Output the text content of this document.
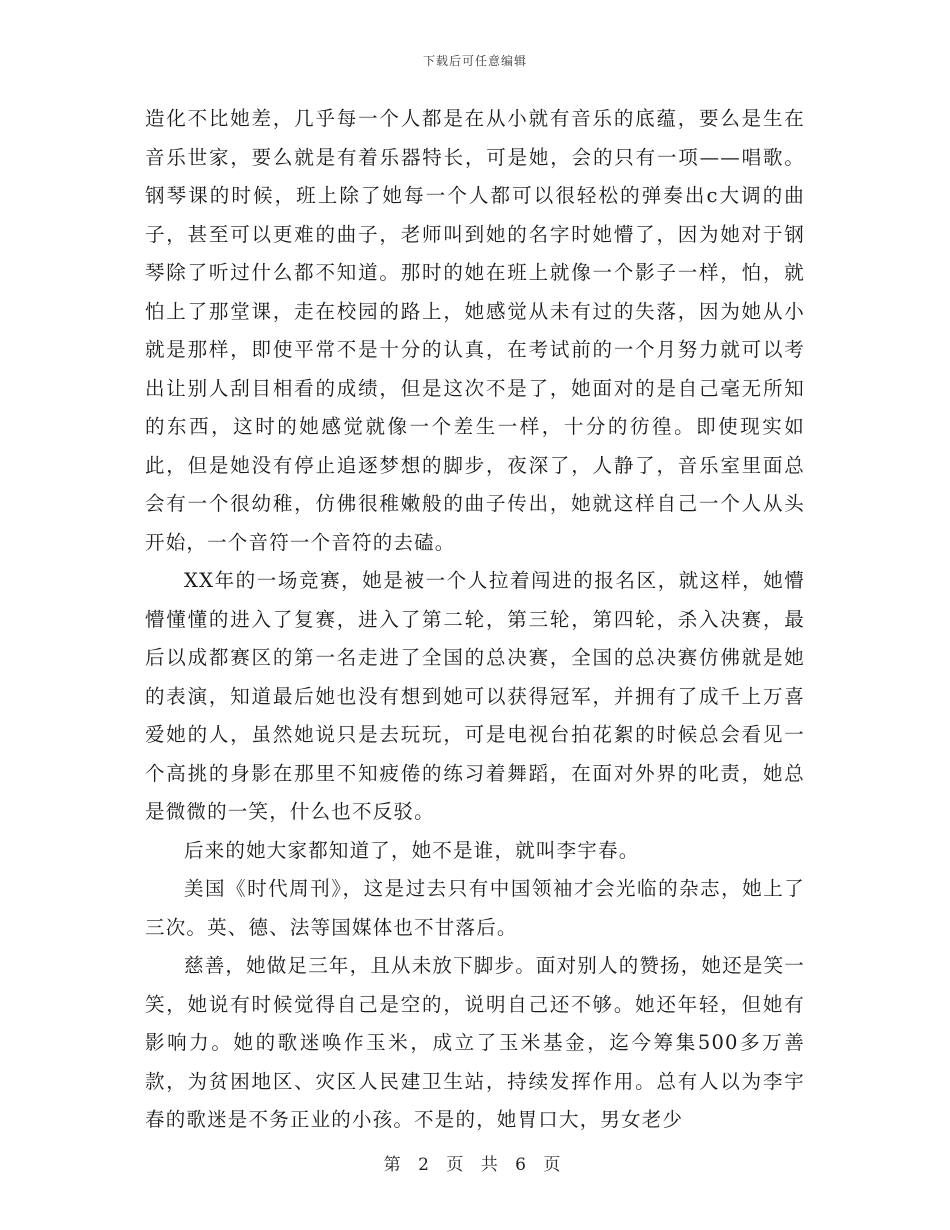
下载后可任意编辑

造化不比她差，几乎每一个人都是在从小就有音乐的底蕴，要么是生在音乐世家，要么就是有着乐器特长，可是她，会的只有一项——唱歌。钢琴课的时候，班上除了她每一个人都可以很轻松的弹奏出c大调的曲子，甚至可以更难的曲子，老师叫到她的名字时她懵了，因为她对于钢琴除了听过什么都不知道。那时的她在班上就像一个影子一样，怕，就怕上了那堂课，走在校园的路上，她感觉从未有过的失落，因为她从小就是那样，即使平常不是十分的认真，在考试前的一个月努力就可以考出让别人刮目相看的成绩，但是这次不是了，她面对的是自己毫无所知的东西，这时的她感觉就像一个差生一样，十分的彷徨。即使现实如此，但是她没有停止追逐梦想的脚步，夜深了，人静了，音乐室里面总会有一个很幼稚，仿佛很稚嫩般的曲子传出，她就这样自己一个人从头开始，一个音符一个音符的去磕。

XX年的一场竞赛，她是被一个人拉着闯进的报名区，就这样，她懵懵懂懂的进入了复赛，进入了第二轮，第三轮，第四轮，杀入决赛，最后以成都赛区的第一名走进了全国的总决赛，全国的总决赛仿佛就是她的表演，知道最后她也没有想到她可以获得冠军，并拥有了成千上万喜爱她的人，虽然她说只是去玩玩，可是电视台拍花絮的时候总会看见一个高挑的身影在那里不知疲倦的练习着舞蹈，在面对外界的叱责，她总是微微的一笑，什么也不反驳。

后来的她大家都知道了，她不是谁，就叫李宇春。

美国《时代周刊》，这是过去只有中国领袖才会光临的杂志，她上了三次。英、德、法等国媒体也不甘落后。

慈善，她做足三年，且从未放下脚步。面对别人的赞扬，她还是笑一笑，她说有时候觉得自己是空的，说明自己还不够。她还年轻，但她有影响力。她的歌迷唤作玉米，成立了玉米基金，迄今筹集500多万善款，为贫困地区、灾区人民建卫生站，持续发挥作用。总有人以为李宇春的歌迷是不务正业的小孩。不是的，她胃口大，男女老少

第 2 页 共 6 页
